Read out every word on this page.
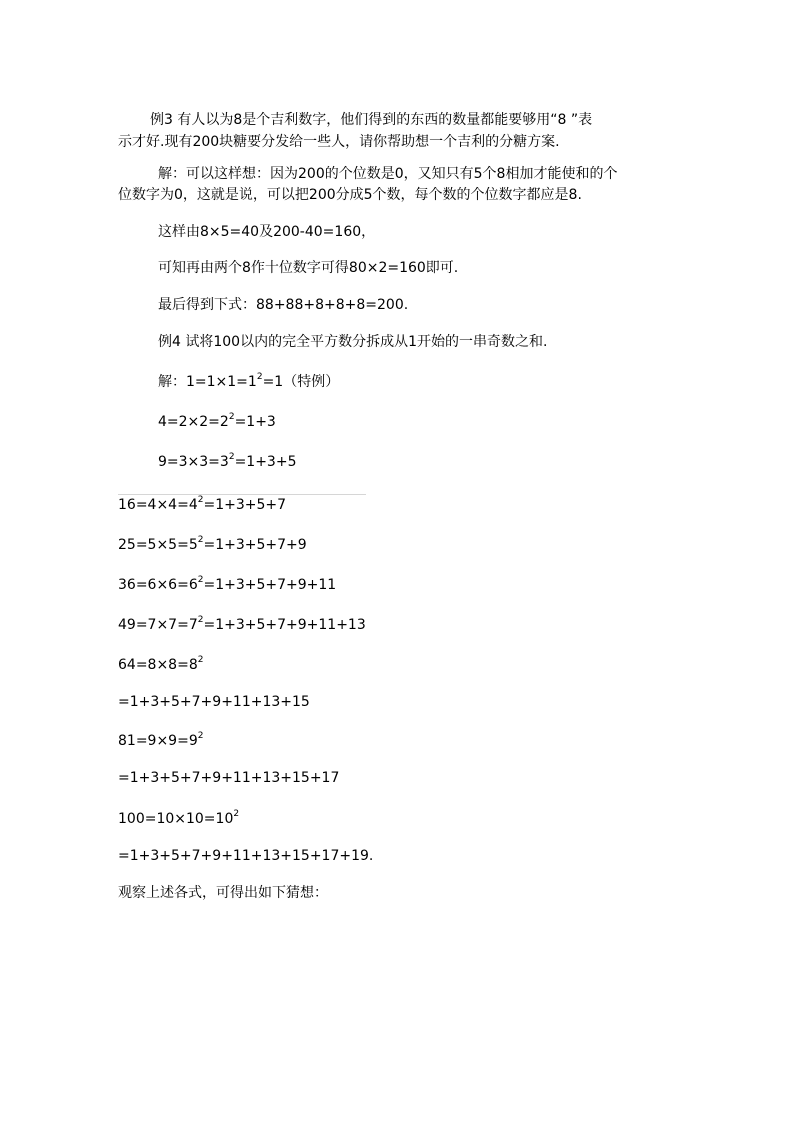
例3 有人以为8是个吉利数字，他们得到的东西的数量都能要够用“8 ”表
示才好.现有200块糖要分发给一些人，请你帮助想一个吉利的分糖方案.
解：可以这样想：因为200的个位数是0，又知只有5个8相加才能使和的个
位数字为0，这就是说，可以把200分成5个数，每个数的个位数字都应是8.
这样由8×5=40及200-40=160，
可知再由两个8作十位数字可得80×2=160即可.
最后得到下式：88+88+8+8+8=200.
例4 试将100以内的完全平方数分拆成从1开始的一串奇数之和.
解：$1=1\times 1=1^2=1$（特例）
$4=2\times 2=2^2=1+3$
$9=3\times 3=3^2=1+3+5$
$16=4\times 4=4^2=1+3+5+7$
$25=5\times 5=5^2=1+3+5+7+9$
$36=6\times 6=6^2=1+3+5+7+9+11$
$49=7\times 7=7^2=1+3+5+7+9+11+13$
$64=8\times 8=8^2$
=1+3+5+7+9+11+13+15
$81=9\times 9=9^2$
=1+3+5+7+9+11+13+15+17
$100=10\times 10=10^2$
=1+3+5+7+9+11+13+15+17+19.
观察上述各式，可得出如下猜想：
